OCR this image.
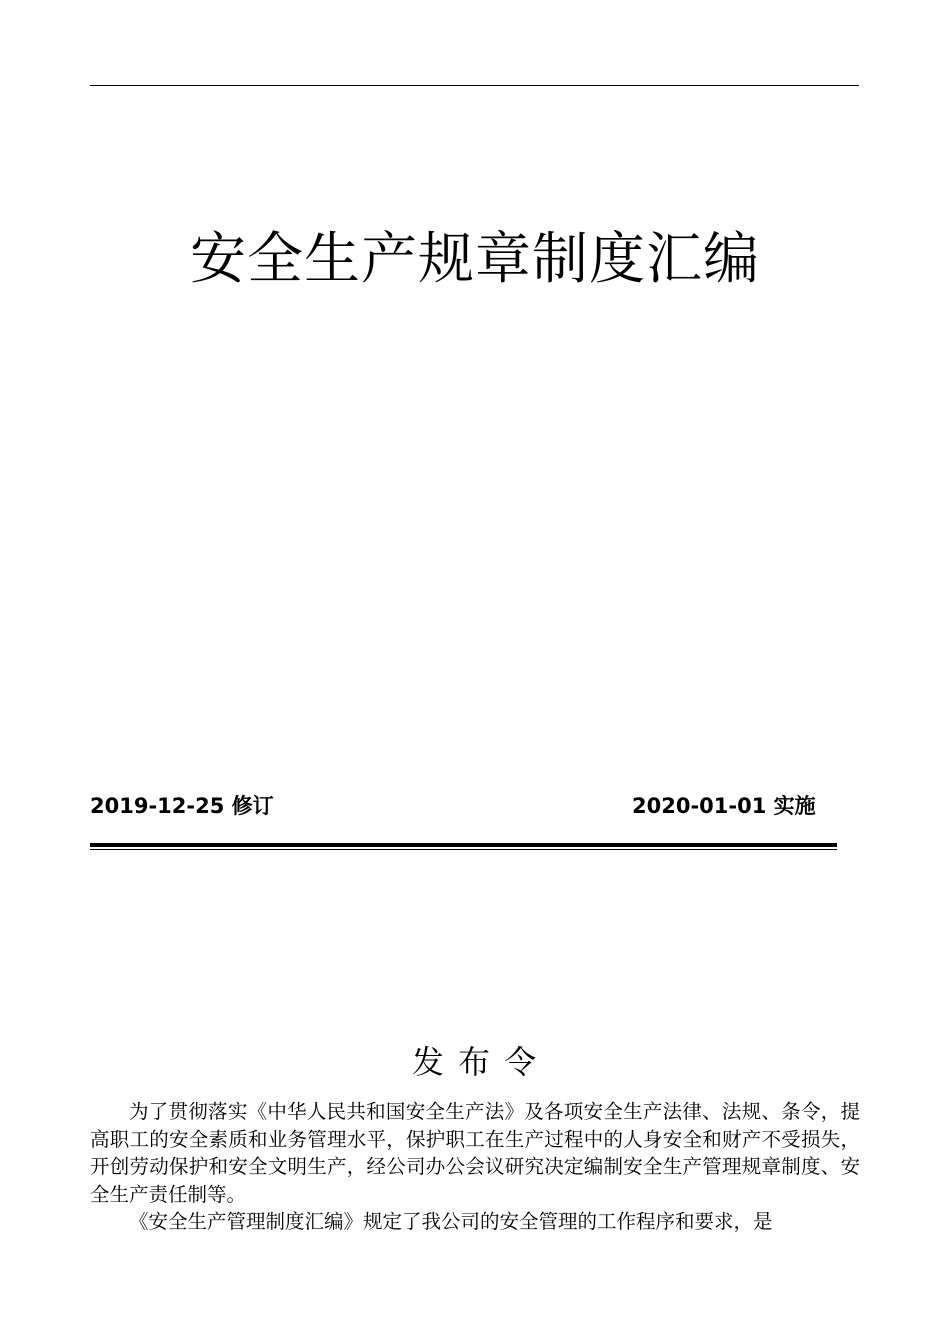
安全生产规章制度汇编
2019-12-25 修订	2020-01-01 实施
发 布 令

为了贯彻落实《中华人民共和国安全生产法》及各项安全生产法律、法规、条令，提高职工的安全素质和业务管理水平，保护职工在生产过程中的人身安全和财产不受损失，开创劳动保护和安全文明生产，经公司办公会议研究决定编制安全生产管理规章制度、安全生产责任制等。

《安全生产管理制度汇编》规定了我公司的安全管理的工作程序和要求，是
